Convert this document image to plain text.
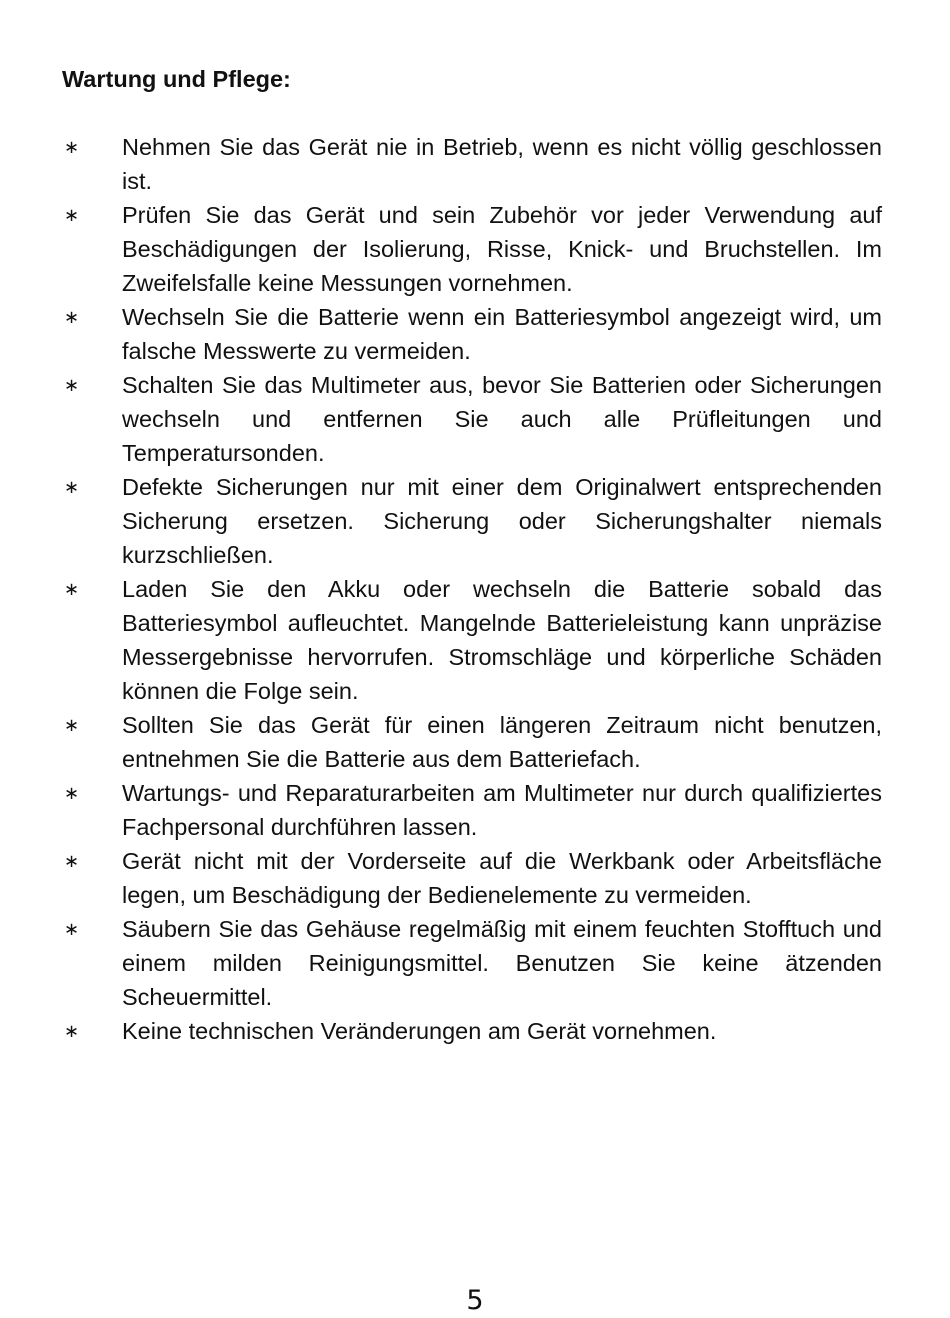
Wartung und Pflege:
∗	Nehmen Sie das Gerät nie in Betrieb, wenn es nicht völlig geschlossen ist.
∗	Prüfen Sie das Gerät und sein Zubehör vor jeder Verwendung auf Beschädigungen der Isolierung, Risse, Knick- und Bruchstellen. Im Zweifelsfalle keine Messungen vornehmen.
∗	Wechseln Sie die Batterie wenn ein Batteriesymbol angezeigt wird, um falsche Messwerte zu vermeiden.
∗	Schalten Sie das Multimeter aus, bevor Sie Batterien oder Sicherungen wechseln und entfernen Sie auch alle Prüfleitungen und Temperatursonden.
∗	Defekte Sicherungen nur mit einer dem Originalwert entsprechenden Sicherung ersetzen. Sicherung oder Sicherungshalter niemals kurzschließen.
∗	Laden Sie den Akku oder wechseln die Batterie sobald das Batteriesymbol aufleuchtet. Mangelnde Batterieleistung kann unpräzise Messergebnisse hervorrufen. Stromschläge und körperliche Schäden können die Folge sein.
∗	Sollten Sie das Gerät für einen längeren Zeitraum nicht benutzen, entnehmen Sie die Batterie aus dem Batteriefach.
∗	Wartungs- und Reparaturarbeiten am Multimeter nur durch qualifiziertes Fachpersonal durchführen lassen.
∗	Gerät nicht mit der Vorderseite auf die Werkbank oder Arbeitsfläche legen, um Beschädigung der Bedienelemente zu vermeiden.
∗	Säubern Sie das Gehäuse regelmäßig mit einem feuchten Stofftuch und einem milden Reinigungsmittel. Benutzen Sie keine ätzenden Scheuermittel.
∗	Keine technischen Veränderungen am Gerät vornehmen.
5
